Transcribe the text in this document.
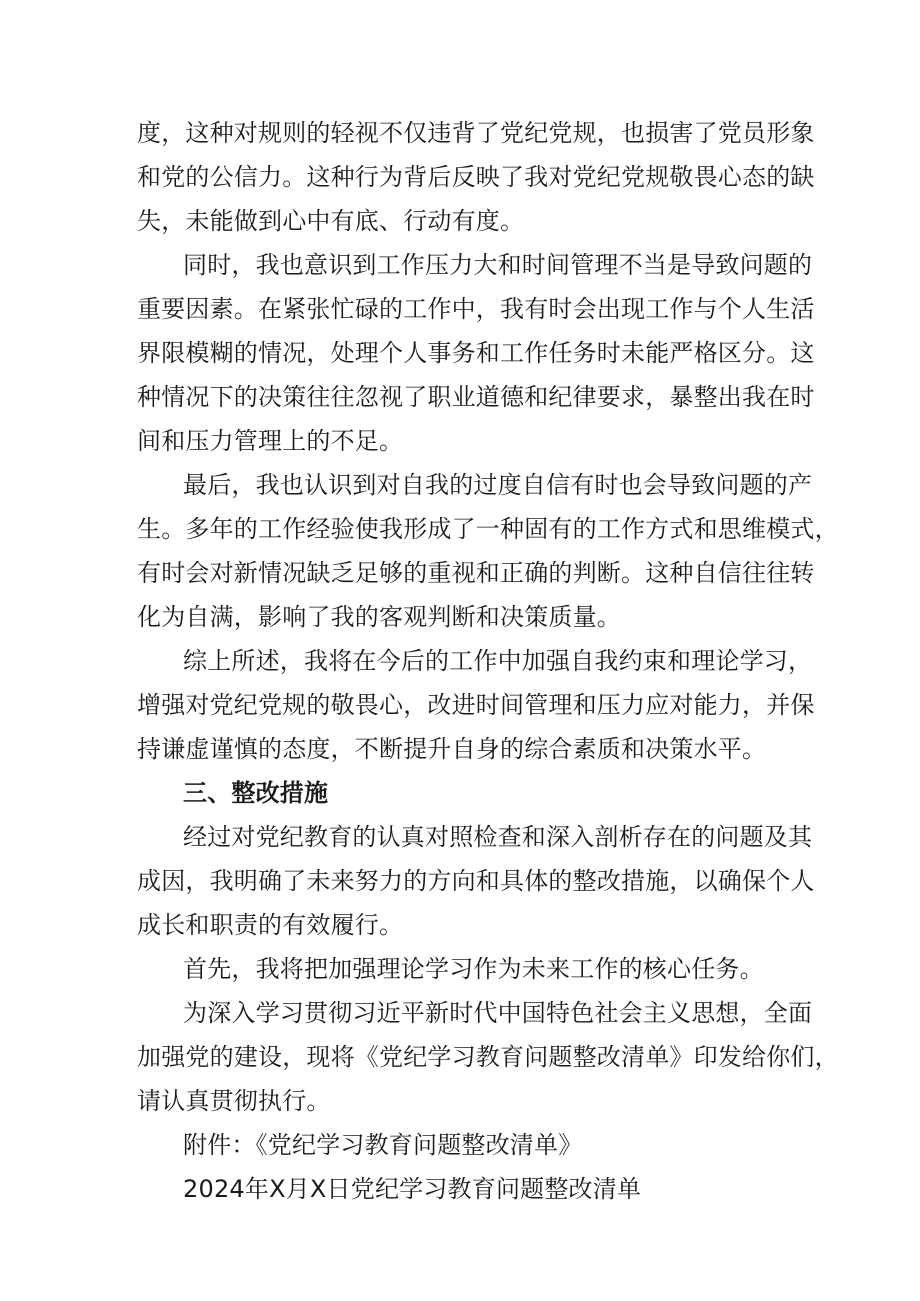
度，这种对规则的轻视不仅违背了党纪党规，也损害了党员形象
和党的公信力。这种行为背后反映了我对党纪党规敬畏心态的缺
失，未能做到心中有底、行动有度。
同时，我也意识到工作压力大和时间管理不当是导致问题的
重要因素。在紧张忙碌的工作中，我有时会出现工作与个人生活
界限模糊的情况，处理个人事务和工作任务时未能严格区分。这
种情况下的决策往往忽视了职业道德和纪律要求，暴整出我在时
间和压力管理上的不足。
最后，我也认识到对自我的过度自信有时也会导致问题的产
生。多年的工作经验使我形成了一种固有的工作方式和思维模式，
有时会对新情况缺乏足够的重视和正确的判断。这种自信往往转
化为自满，影响了我的客观判断和决策质量。
综上所述，我将在今后的工作中加强自我约束和理论学习，
增强对党纪党规的敬畏心，改进时间管理和压力应对能力，并保
持谦虚谨慎的态度，不断提升自身的综合素质和决策水平。
三、整改措施
经过对党纪教育的认真对照检查和深入剖析存在的问题及其
成因，我明确了未来努力的方向和具体的整改措施，以确保个人
成长和职责的有效履行。
首先，我将把加强理论学习作为未来工作的核心任务。
为深入学习贯彻习近平新时代中国特色社会主义思想，全面
加强党的建设，现将《党纪学习教育问题整改清单》印发给你们，
请认真贯彻执行。
附件：《党纪学习教育问题整改清单》
2024年X月X日党纪学习教育问题整改清单
